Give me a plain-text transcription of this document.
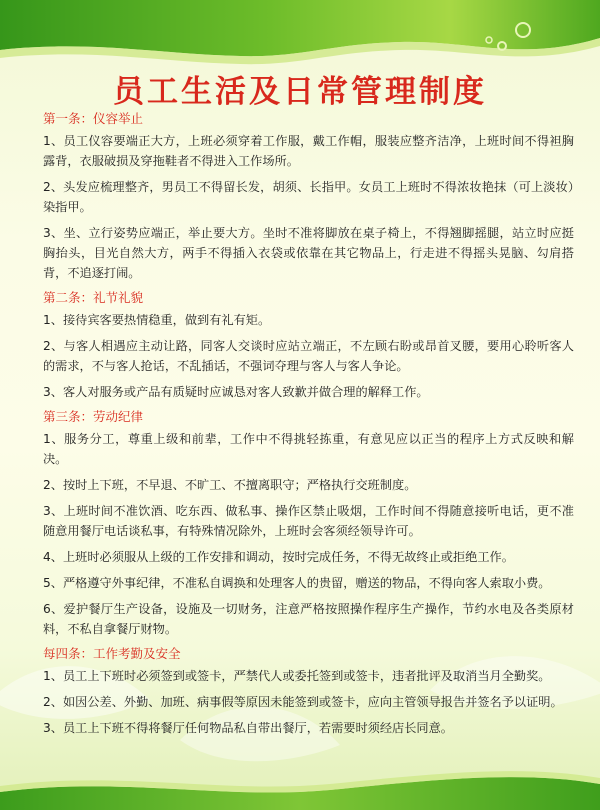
员工生活及日常管理制度
第一条：仪容举止
1、员工仪容要端正大方，上班必须穿着工作服，戴工作帽，服装应整齐洁净，上班时间不得袒胸露背，衣服破损及穿拖鞋者不得进入工作场所。
2、头发应梳理整齐，男员工不得留长发，胡须、长指甲。女员工上班时不得浓妆艳抹（可上淡妆）染指甲。
3、坐、立行姿势应端正，举止要大方。坐时不准将脚放在桌子椅上，不得翘脚摇腿，站立时应挺胸抬头，目光自然大方，两手不得插入衣袋或依靠在其它物品上，行走进不得摇头晃脑、勾肩搭背，不追逐打闹。
第二条：礼节礼貌
1、接待宾客要热情稳重，做到有礼有矩。
2、与客人相遇应主动让路，同客人交谈时应站立端正，不左顾右盼或昂首叉腰，要用心聆听客人的需求，不与客人抢话，不乱插话，不强词夺理与客人与客人争论。
3、客人对服务或产品有质疑时应诚恳对客人致歉并做合理的解释工作。
第三条：劳动纪律
1、服务分工，尊重上级和前辈，工作中不得挑轻拣重，有意见应以正当的程序上方式反映和解决。
2、按时上下班，不早退、不旷工、不擅离职守；严格执行交班制度。
3、上班时间不准饮酒、吃东西、做私事、操作区禁止吸烟，工作时间不得随意接听电话，更不准随意用餐厅电话谈私事，有特殊情况除外，上班时会客须经领导许可。
4、上班时必须服从上级的工作安排和调动，按时完成任务，不得无故终止或拒绝工作。
5、严格遵守外事纪律，不准私自调换和处理客人的贵留，赠送的物品，不得向客人索取小费。
6、爱护餐厅生产设备，设施及一切财务，注意严格按照操作程序生产操作，节约水电及各类原材料，不私自拿餐厅财物。
每四条：工作考勤及安全
1、员工上下班时必须签到或签卡，严禁代人或委托签到或签卡，违者批评及取消当月全勤奖。
2、如因公差、外勤、加班、病事假等原因未能签到或签卡，应向主管领导报告并签名予以证明。
3、员工上下班不得将餐厅任何物品私自带出餐厅，若需要时须经店长同意。
